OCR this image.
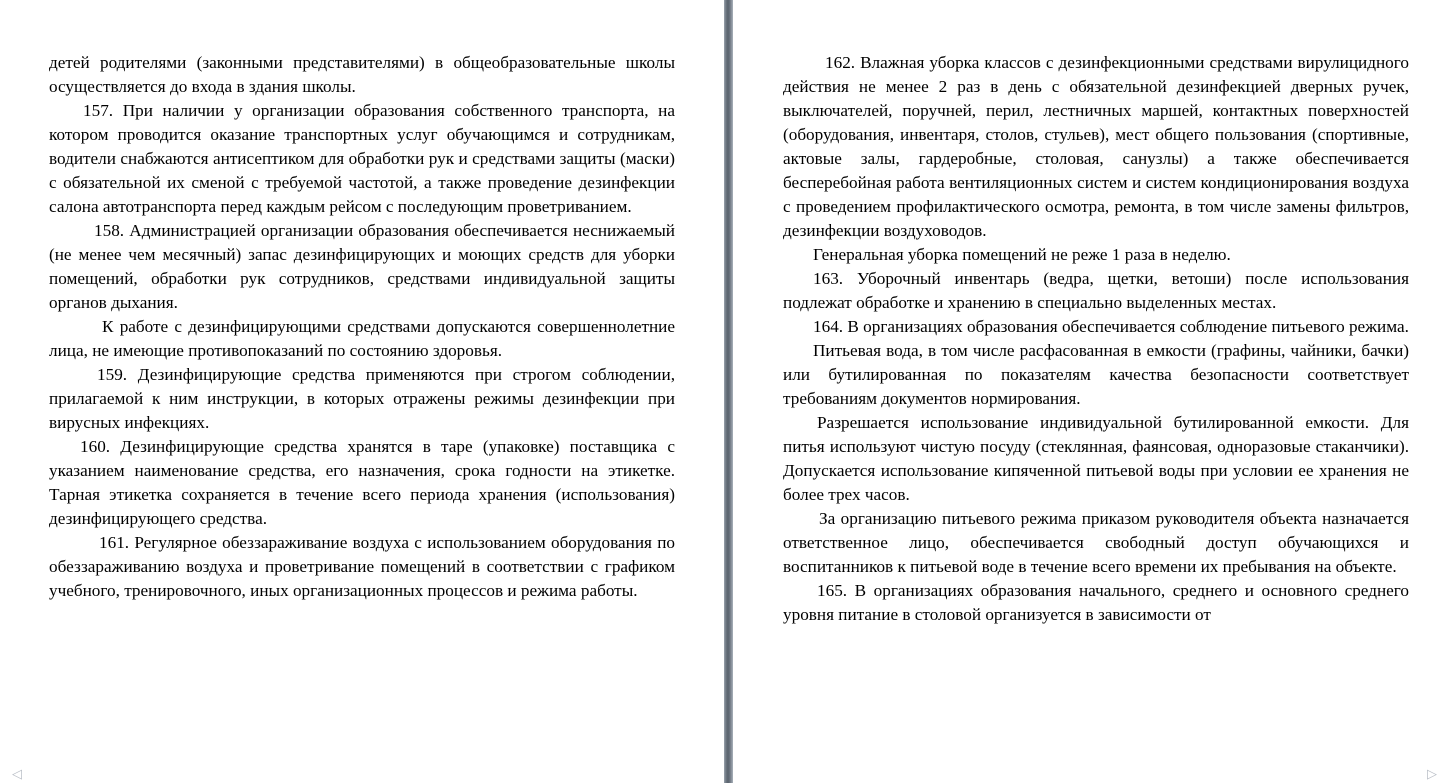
детей родителями (законными представителями) в общеобразовательные школы осуществляется до входа в здания школы.

157. При наличии у организации образования собственного транспорта, на котором проводится оказание транспортных услуг обучающимся и сотрудникам, водители снабжаются антисептиком для обработки рук и средствами защиты (маски) с обязательной их сменой с требуемой частотой, а также проведение дезинфекции салона автотранспорта перед каждым рейсом с последующим проветриванием.

158. Администрацией организации образования обеспечивается неснижаемый (не менее чем месячный) запас дезинфицирующих и моющих средств для уборки помещений, обработки рук сотрудников, средствами индивидуальной защиты органов дыхания.

К работе с дезинфицирующими средствами допускаются совершеннолетние лица, не имеющие противопоказаний по состоянию здоровья.

159. Дезинфицирующие средства применяются при строгом соблюдении, прилагаемой к ним инструкции, в которых отражены режимы дезинфекции при вирусных инфекциях.

160. Дезинфицирующие средства хранятся в таре (упаковке) поставщика с указанием наименование средства, его назначения, срока годности на этикетке. Тарная этикетка сохраняется в течение всего периода хранения (использования) дезинфицирующего средства.

161. Регулярное обеззараживание воздуха с использованием оборудования по обеззараживанию воздуха и проветривание помещений в соответствии с графиком учебного, тренировочного, иных организационных процессов и режима работы.

162. Влажная уборка классов с дезинфекционными средствами вирулицидного действия не менее 2 раз в день с обязательной дезинфекцией дверных ручек, выключателей, поручней, перил, лестничных маршей, контактных поверхностей (оборудования, инвентаря, столов, стульев), мест общего пользования (спортивные, актовые залы, гардеробные, столовая, санузлы) а также обеспечивается бесперебойная работа вентиляционных систем и систем кондиционирования воздуха с проведением профилактического осмотра, ремонта, в том числе замены фильтров, дезинфекции воздуховодов.

Генеральная уборка помещений не реже 1 раза в неделю.

163. Уборочный инвентарь (ведра, щетки, ветоши) после использования подлежат обработке и хранению в специально выделенных местах.

164. В организациях образования обеспечивается соблюдение питьевого режима.

Питьевая вода, в том числе расфасованная в емкости (графины, чайники, бачки) или бутилированная по показателям качества безопасности соответствует требованиям документов нормирования.

Разрешается использование индивидуальной бутилированной емкости. Для питья используют чистую посуду (стеклянная, фаянсовая, одноразовые стаканчики). Допускается использование кипяченной питьевой воды при условии ее хранения не более трех часов.

За организацию питьевого режима приказом руководителя объекта назначается ответственное лицо, обеспечивается свободный доступ обучающихся и воспитанников к питьевой воде в течение всего времени их пребывания на объекте.

165. В организациях образования начального, среднего и основного среднего уровня питание в столовой организуется в зависимости от

◁	▷
